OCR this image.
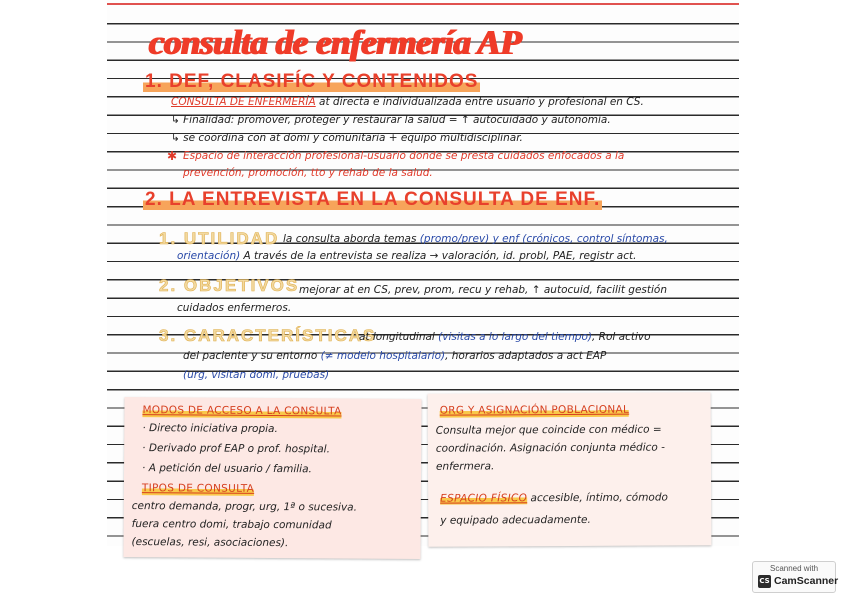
consulta de enfermería AP
1. DEF, CLASIFÍC Y CONTENIDOS
CONSULTA DE ENFERMERÍA at directa e individualizada entre usuario y profesional en CS.
↳ Finalidad: promover, proteger y restaurar la salud = ↑ autocuidado y autonomía.
↳ se coordina con at domi y comunitaria + equipo multidisciplinar.
✱ Espacio de interacción profesional-usuario donde se presta cuidados enfocados a la
prevención, promoción, tto y rehab de la salud.
2. LA ENTREVISTA EN LA CONSULTA DE ENF.
1. UTILIDAD la consulta aborda temas (promo/prev) y enf (crónicos, control síntomas,
orientación) A través de la entrevista se realiza → valoración, id. probl, PAE, registr act.
2. OBJETIVOS mejorar at en CS, prev, prom, recu y rehab, ↑ autocuid, facilit gestión
cuidados enfermeros.
3. CARACTERÍSTICAS
at longitudinal (visitas a lo largo del tiempo), Rol activo
del paciente y su entorno (≠ modelo hospitalario), horarios adaptados a act EAP
(urg, visitan domi, pruebas)
MODOS DE ACCESO A LA CONSULTA
· Directo iniciativa propia.
· Derivado prof EAP o prof. hospital.
· A petición del usuario / familia.
TIPOS DE CONSULTA
centro demanda, progr, urg, 1ª o sucesiva.
fuera centro domi, trabajo comunidad
(escuelas, resi, asociaciones).
ORG Y ASIGNACIÓN POBLACIONAL
Consulta mejor que coincide con médico =
coordinación. Asignación conjunta médico -
enfermera.
ESPACIO FÍSICO accesible, íntimo, cómodo
y equipado adecuadamente.
Scanned with
CS CamScanner
